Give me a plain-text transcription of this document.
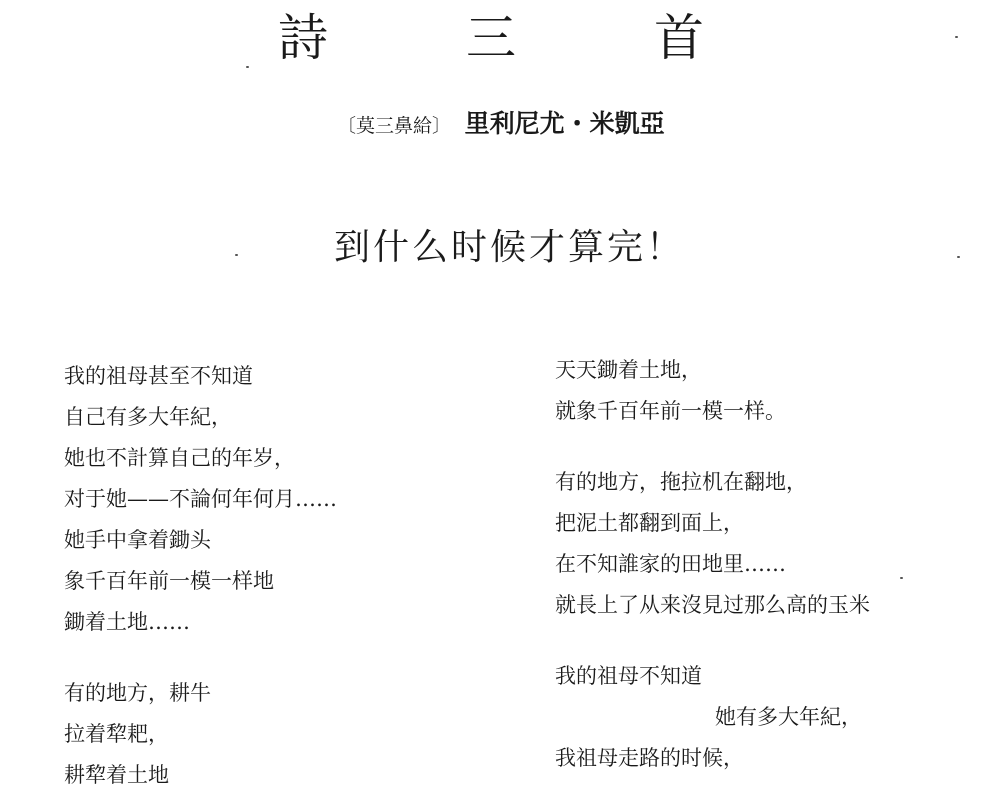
詩　三　首
〔莫三鼻給〕 里利尼尤・米凱亞
到什么时候才算完！
我的祖母甚至不知道
自己有多大年紀，
她也不計算自己的年岁，
对于她——不論何年何月……
她手中拿着鋤头
象千百年前一模一样地
鋤着土地……
有的地方，耕牛
拉着犂耙，
耕犂着土地
天天鋤着土地，
就象千百年前一模一样。
有的地方，拖拉机在翻地，
把泥土都翻到面上，
在不知誰家的田地里……
就長上了从来沒見过那么高的玉米
我的祖母不知道
她有多大年紀，
我祖母走路的时候，
